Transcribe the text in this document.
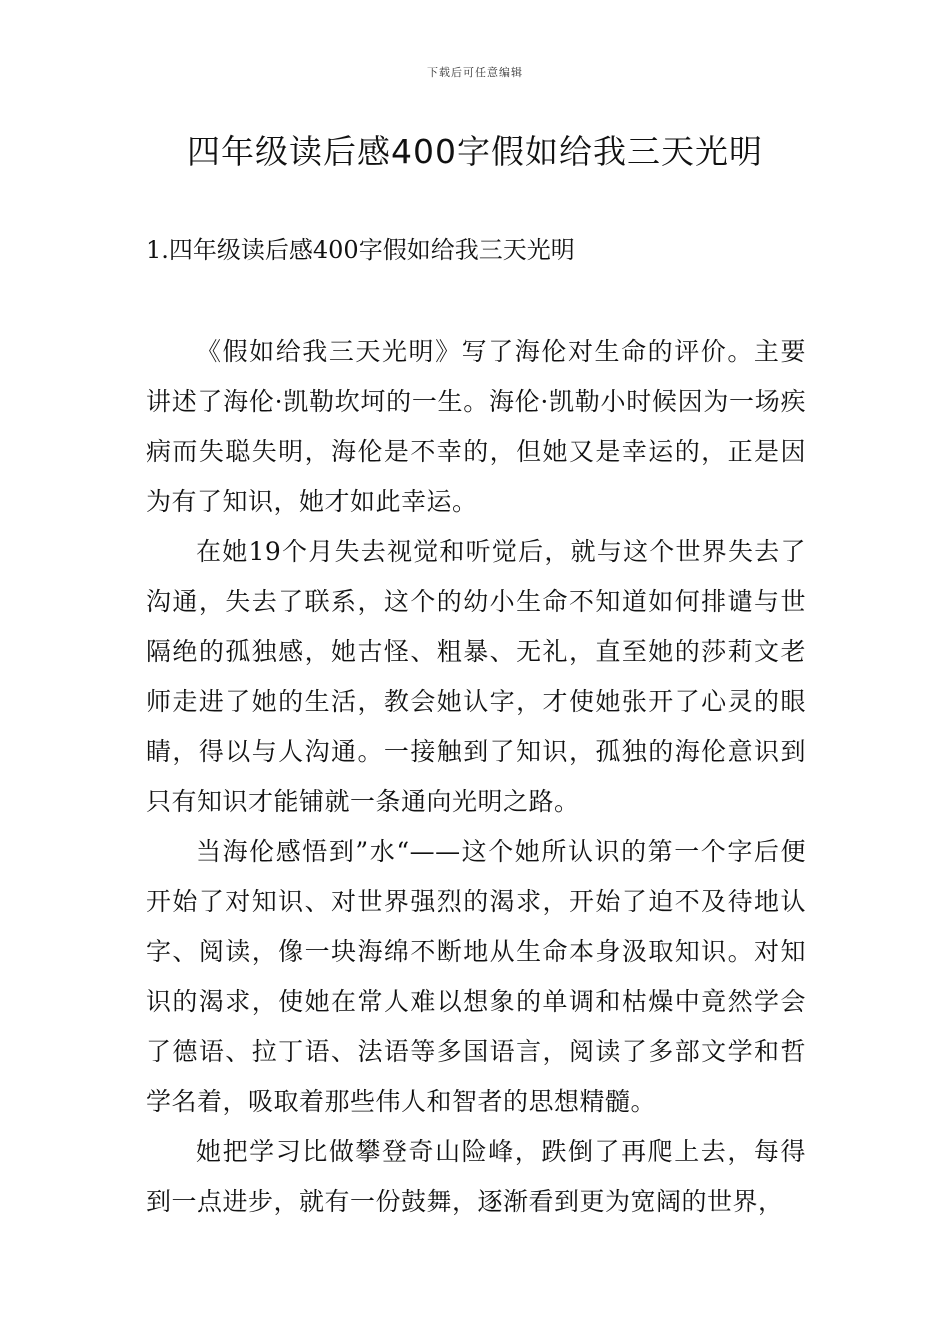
下载后可任意编辑
四年级读后感400字假如给我三天光明
1.四年级读后感400字假如给我三天光明

《假如给我三天光明》写了海伦对生命的评价。主要讲述了海伦·凯勒坎坷的一生。海伦·凯勒小时候因为一场疾病而失聪失明，海伦是不幸的，但她又是幸运的，正是因为有了知识，她才如此幸运。

在她19个月失去视觉和听觉后，就与这个世界失去了沟通，失去了联系，这个的幼小生命不知道如何排谴与世隔绝的孤独感，她古怪、粗暴、无礼，直至她的莎莉文老师走进了她的生活，教会她认字，才使她张开了心灵的眼睛，得以与人沟通。一接触到了知识，孤独的海伦意识到只有知识才能铺就一条通向光明之路。

当海伦感悟到”水“——这个她所认识的第一个字后便开始了对知识、对世界强烈的渴求，开始了迫不及待地认字、阅读，像一块海绵不断地从生命本身汲取知识。对知识的渴求，使她在常人难以想象的单调和枯燥中竟然学会了德语、拉丁语、法语等多国语言，阅读了多部文学和哲学名着，吸取着那些伟人和智者的思想精髓。

她把学习比做攀登奇山险峰，跌倒了再爬上去，每得到一点进步，就有一份鼓舞，逐渐看到更为宽阔的世界，
